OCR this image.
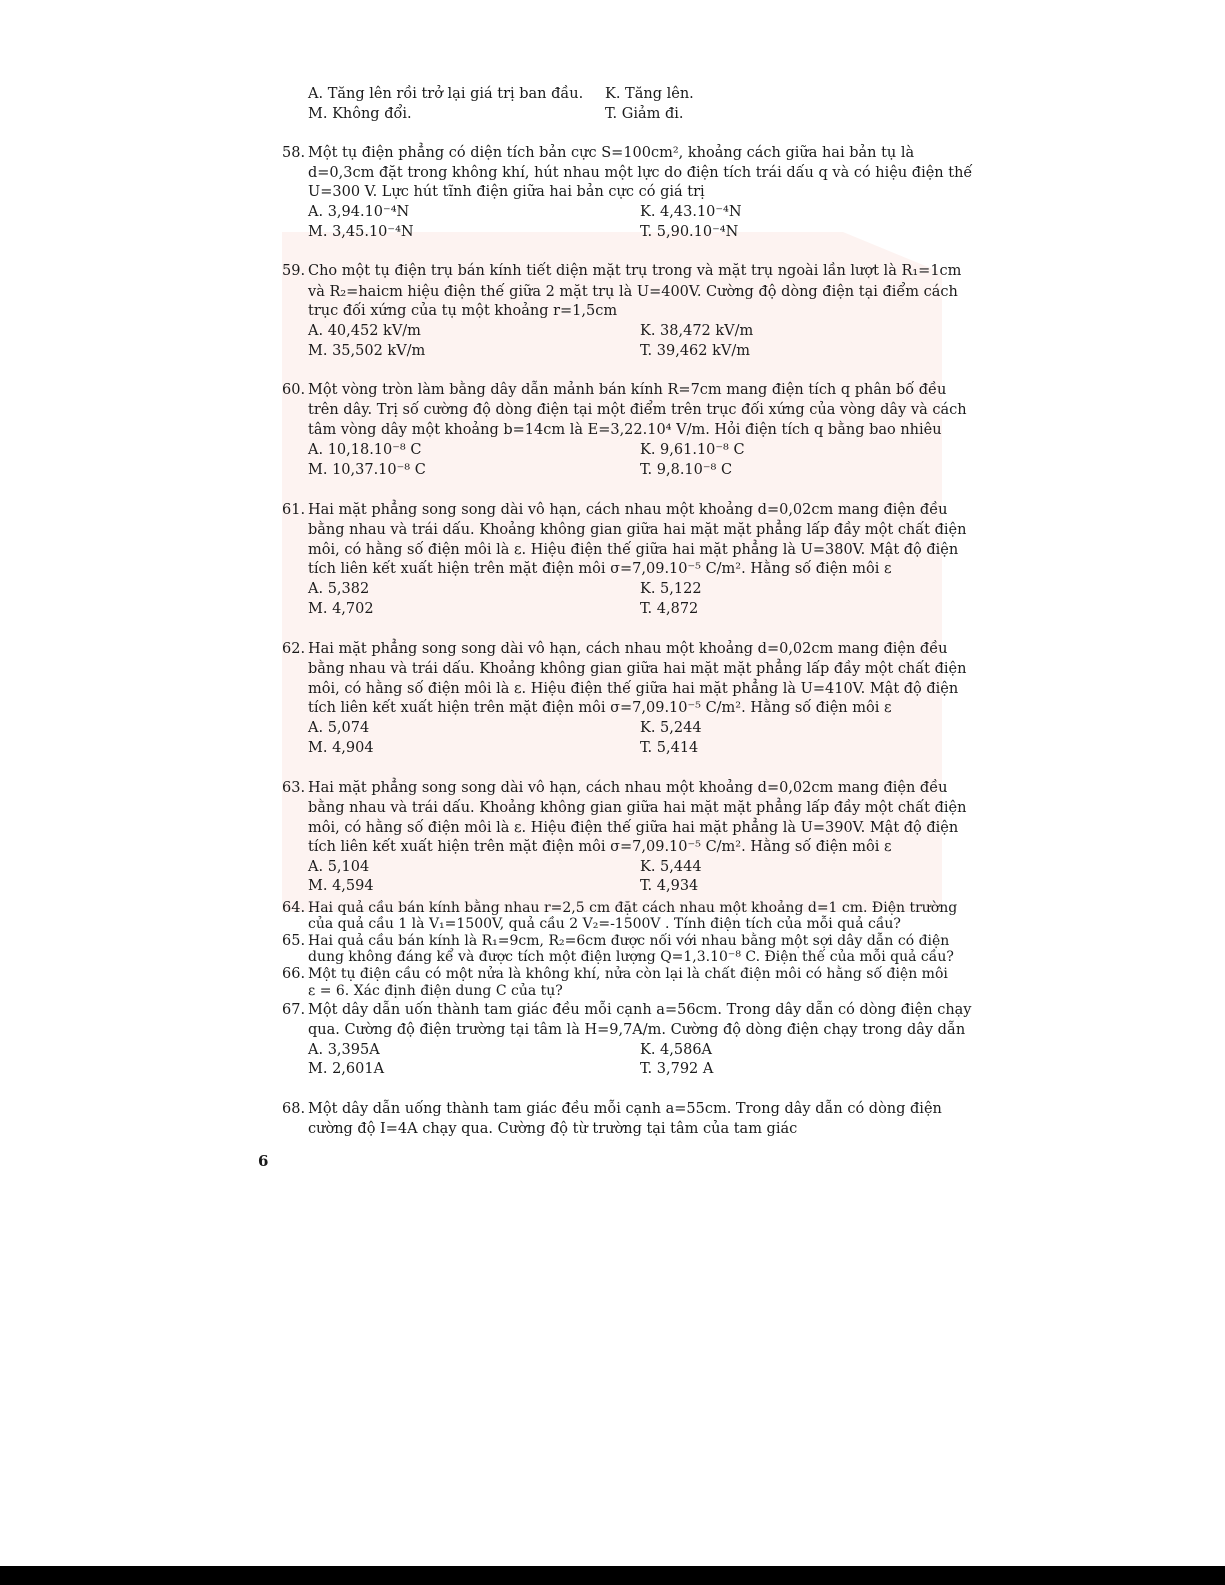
A. Tăng lên rồi trở lại giá trị ban đầu. K. Tăng lên.
M. Không đổi.	T. Giảm đi.
58. Một tụ điện phẳng có diện tích bản cực S=100cm², khoảng cách giữa hai bản tụ là
d=0,3cm đặt trong không khí, hút nhau một lực do điện tích trái dấu q và có hiệu điện thế
U=300 V. Lực hút tĩnh điện giữa hai bản cực có giá trị
A. 3,94.10⁻⁴N	K. 4,43.10⁻⁴N
M. 3,45.10⁻⁴N	T. 5,90.10⁻⁴N
59. Cho một tụ điện trụ bán kính tiết diện mặt trụ trong và mặt trụ ngoài lần lượt là R₁=1cm
và R₂=haicm hiệu điện thế giữa 2 mặt trụ là U=400V. Cường độ dòng điện tại điểm cách
trục đối xứng của tụ một khoảng r=1,5cm
A. 40,452 kV/m	K. 38,472 kV/m
M. 35,502 kV/m	T. 39,462 kV/m
60. Một vòng tròn làm bằng dây dẫn mảnh bán kính R=7cm mang điện tích q phân bố đều
trên dây. Trị số cường độ dòng điện tại một điểm trên trục đối xứng của vòng dây và cách
tâm vòng dây một khoảng b=14cm là E=3,22.10⁴ V/m. Hỏi điện tích q bằng bao nhiêu
A. 10,18.10⁻⁸ C	K. 9,61.10⁻⁸ C
M. 10,37.10⁻⁸ C	T. 9,8.10⁻⁸ C
61. Hai mặt phẳng song song dài vô hạn, cách nhau một khoảng d=0,02cm mang điện đều
bằng nhau và trái dấu. Khoảng không gian giữa hai mặt mặt phẳng lấp đầy một chất điện
môi, có hằng số điện môi là ε. Hiệu điện thế giữa hai mặt phẳng là U=380V. Mật độ điện
tích liên kết xuất hiện trên mặt điện môi σ=7,09.10⁻⁵ C/m². Hằng số điện môi ε
A. 5,382	K. 5,122
M. 4,702	T. 4,872
62. Hai mặt phẳng song song dài vô hạn, cách nhau một khoảng d=0,02cm mang điện đều
bằng nhau và trái dấu. Khoảng không gian giữa hai mặt mặt phẳng lấp đầy một chất điện
môi, có hằng số điện môi là ε. Hiệu điện thế giữa hai mặt phẳng là U=410V. Mật độ điện
tích liên kết xuất hiện trên mặt điện môi σ=7,09.10⁻⁵ C/m². Hằng số điện môi ε
A. 5,074	K. 5,244
M. 4,904	T. 5,414
63. Hai mặt phẳng song song dài vô hạn, cách nhau một khoảng d=0,02cm mang điện đều
bằng nhau và trái dấu. Khoảng không gian giữa hai mặt mặt phẳng lấp đầy một chất điện
môi, có hằng số điện môi là ε. Hiệu điện thế giữa hai mặt phẳng là U=390V. Mật độ điện
tích liên kết xuất hiện trên mặt điện môi σ=7,09.10⁻⁵ C/m². Hằng số điện môi ε
A. 5,104	K. 5,444
M. 4,594	T. 4,934
64. Hai quả cầu bán kính bằng nhau r=2,5 cm đặt cách nhau một khoảng d=1 cm. Điện trường
của quả cầu 1 là V₁=1500V, quả cầu 2 V₂=-1500V . Tính điện tích của mỗi quả cầu?
65. Hai quả cầu bán kính là R₁=9cm, R₂=6cm được nối với nhau bằng một sợi dây dẫn có điện
dung không đáng kể và được tích một điện lượng Q=1,3.10⁻⁸ C. Điện thế của mỗi quả cầu?
66. Một tụ điện cầu có một nửa là không khí, nửa còn lại là chất điện môi có hằng số điện môi
ε = 6. Xác định điện dung C của tụ?
67. Một dây dẫn uốn thành tam giác đều mỗi cạnh a=56cm. Trong dây dẫn có dòng điện chạy
qua. Cường độ điện trường tại tâm là H=9,7A/m. Cường độ dòng điện chạy trong dây dẫn
A. 3,395A	K. 4,586A
M. 2,601A	T. 3,792 A
68. Một dây dẫn uống thành tam giác đều mỗi cạnh a=55cm. Trong dây dẫn có dòng điện
cường độ I=4A chạy qua. Cường độ từ trường tại tâm của tam giác
6
